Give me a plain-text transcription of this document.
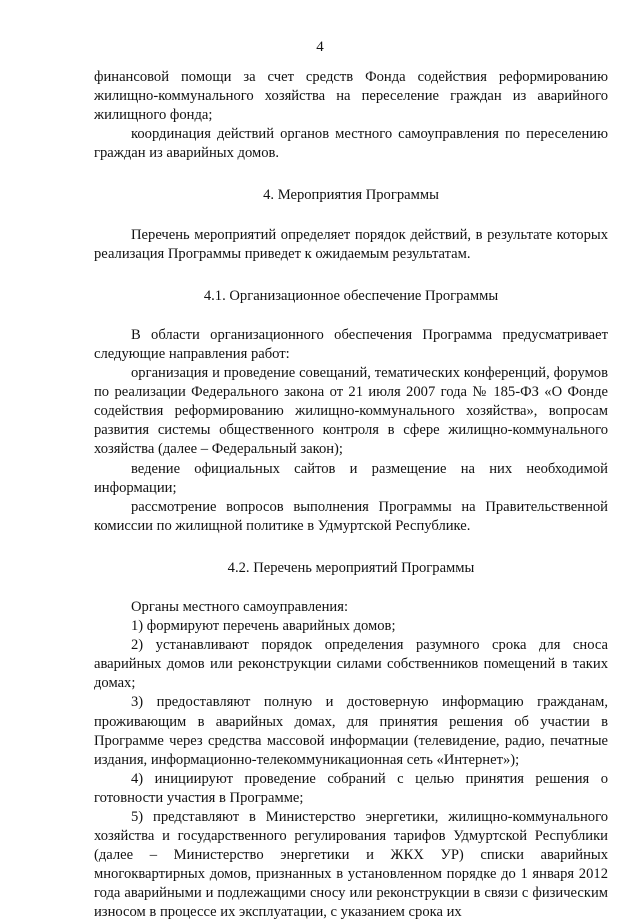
4

финансовой помощи за счет средств Фонда содействия реформированию жилищно-коммунального хозяйства на переселение граждан из аварийного жилищного фонда;

координация действий органов местного самоуправления по переселению граждан из аварийных домов.

4. Мероприятия Программы

Перечень мероприятий определяет порядок действий, в результате которых реализация Программы приведет к ожидаемым результатам.

4.1. Организационное обеспечение Программы

В области организационного обеспечения Программа предусматривает следующие направления работ:

организация и проведение совещаний, тематических конференций, форумов по реализации Федерального закона от 21 июля 2007 года № 185-ФЗ «О Фонде содействия реформированию жилищно-коммунального хозяйства», вопросам развития системы общественного контроля в сфере жилищно-коммунального хозяйства (далее – Федеральный закон);

ведение официальных сайтов и размещение на них необходимой информации;

рассмотрение вопросов выполнения Программы на Правительственной комиссии по жилищной политике в Удмуртской Республике.

4.2. Перечень мероприятий Программы

Органы местного самоуправления:

1) формируют перечень аварийных домов;

2) устанавливают порядок определения разумного срока для сноса аварийных домов или реконструкции силами собственников помещений в таких домах;

3) предоставляют полную и достоверную информацию гражданам, проживающим в аварийных домах, для принятия решения об участии в Программе через средства массовой информации (телевидение, радио, печатные издания, информационно-телекоммуникационная сеть «Интернет»);

4) инициируют проведение собраний с целью принятия решения о готовности участия в Программе;

5) представляют в Министерство энергетики, жилищно-коммунального хозяйства и государственного регулирования тарифов Удмуртской Республики (далее – Министерство энергетики и ЖКХ УР) списки аварийных многоквартирных домов, признанных в установленном порядке до 1 января 2012 года аварийными и подлежащими сносу или реконструкции в связи с физическим износом в процессе их эксплуатации, с указанием срока их
